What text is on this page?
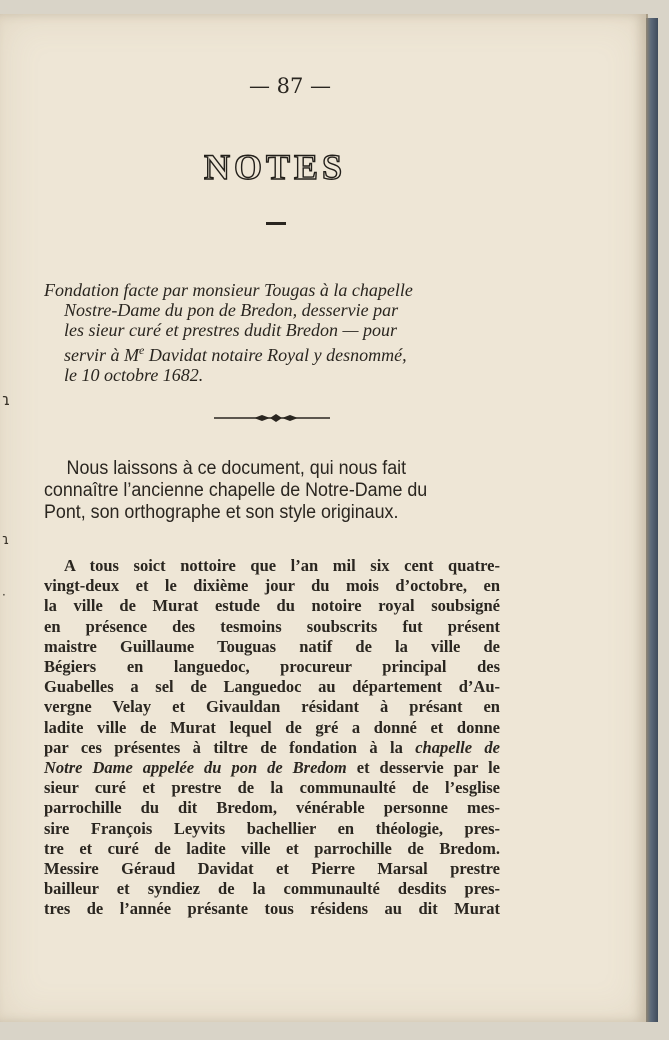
— 87 —
NOTES
Fondation facte par monsieur Tougas à la chapelle
Nostre-Dame du pon de Bredon, desservie par
les sieur curé et prestres dudit Bredon — pour
servir à Me Davidat notaire Royal y desnommé,
le 10 octobre 1682.
Nous laissons à ce document, qui nous fait
connaître l’ancienne chapelle de Notre-Dame du
Pont, son orthographe et son style originaux.
A tous soict nottoire que l’an mil six cent quatre-
vingt-deux et le dixième jour du mois d’octobre, en
la ville de Murat estude du notoire royal soubsigné
en présence des tesmoins soubscrits fut présent
maistre Guillaume Touguas natif de la ville de
Bégiers en languedoc, procureur principal des
Guabelles a sel de Languedoc au département d’Au-
vergne Velay et Givauldan résidant à présant en
ladite ville de Murat lequel de gré a donné et donne
par ces présentes à tiltre de fondation à la chapelle de
Notre Dame appelée du pon de Bredom et desservie par le
sieur curé et prestre de la communaulté de l’esglise
parrochille du dit Bredom, vénérable personne mes-
sire François Leyvits bachellier en théologie, pres-
tre et curé de ladite ville et parrochille de Bredom.
Messire Géraud Davidat et Pierre Marsal prestre
bailleur et syndiez de la communaulté desdits pres-
tres de l’année présante tous résidens au dit Murat
ɿ
ɿ
·
